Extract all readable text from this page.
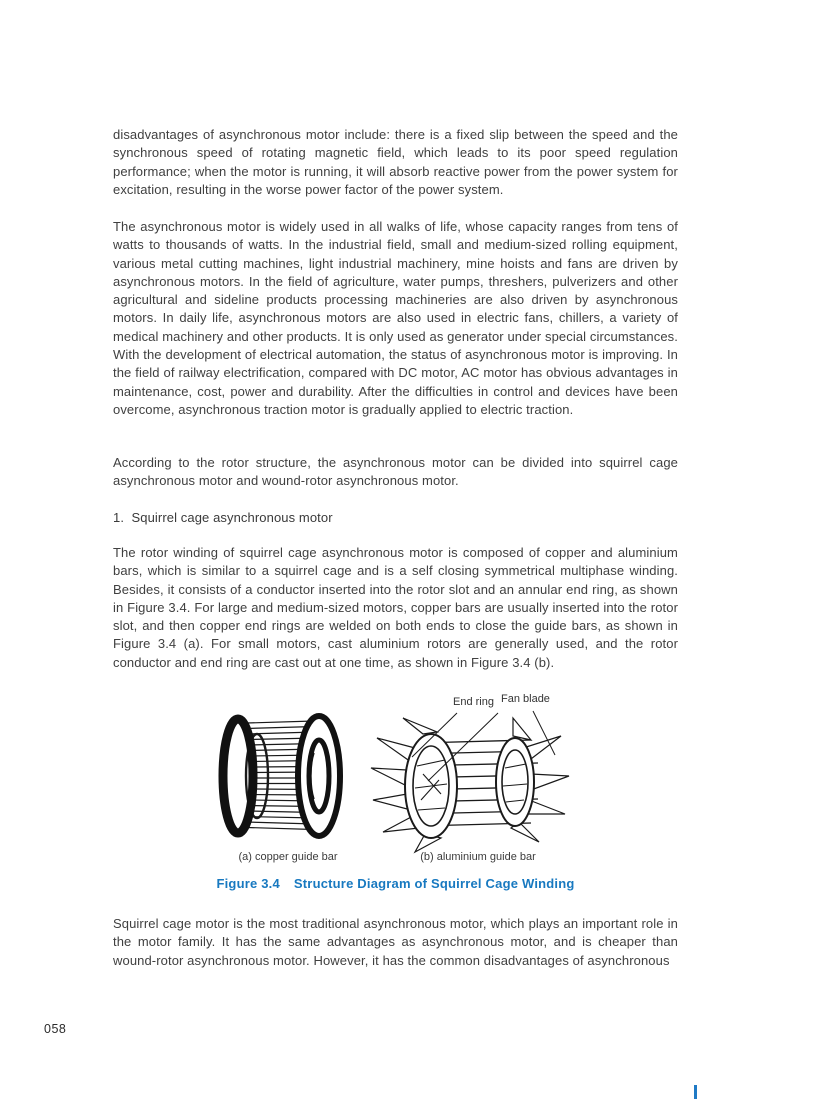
disadvantages of asynchronous motor include: there is a fixed slip between the speed and the synchronous speed of rotating magnetic field, which leads to its poor speed regulation performance; when the motor is running, it will absorb reactive power from the power system for excitation, resulting in the worse power factor of the power system.

The asynchronous motor is widely used in all walks of life, whose capacity ranges from tens of watts to thousands of watts. In the industrial field, small and medium-sized rolling equipment, various metal cutting machines, light industrial machinery, mine hoists and fans are driven by asynchronous motors. In the field of agriculture, water pumps, threshers, pulverizers and other agricultural and sideline products processing machineries are also driven by asynchronous motors. In daily life, asynchronous motors are also used in electric fans, chillers, a variety of medical machinery and other products. It is only used as generator under special circumstances. With the development of electrical automation, the status of asynchronous motor is improving. In the field of railway electrification, compared with DC motor, AC motor has obvious advantages in maintenance, cost, power and durability. After the difficulties in control and devices have been overcome, asynchronous traction motor is gradually applied to electric traction.

According to the rotor structure, the asynchronous motor can be divided into squirrel cage asynchronous motor and wound-rotor asynchronous motor.

1.  Squirrel cage asynchronous motor

The rotor winding of squirrel cage asynchronous motor is composed of copper and aluminium bars, which is similar to a squirrel cage and is a self closing symmetrical multiphase winding. Besides, it consists of a conductor inserted into the rotor slot and an annular end ring, as shown in Figure 3.4. For large and medium-sized motors, copper bars are usually inserted into the rotor slot, and then copper end rings are welded on both ends to close the guide bars, as shown in Figure 3.4 (a). For small motors, cast aluminium rotors are generally used, and the rotor conductor and end ring are cast out at one time, as shown in Figure 3.4 (b).

End ring Fan blade
(a) copper guide bar	(b) aluminium guide bar
Figure 3.4 Structure Diagram of Squirrel Cage Winding

Squirrel cage motor is the most traditional asynchronous motor, which plays an important role in the motor family. It has the same advantages as asynchronous motor, and is cheaper than wound-rotor asynchronous motor. However, it has the common disadvantages of asynchronous

058
